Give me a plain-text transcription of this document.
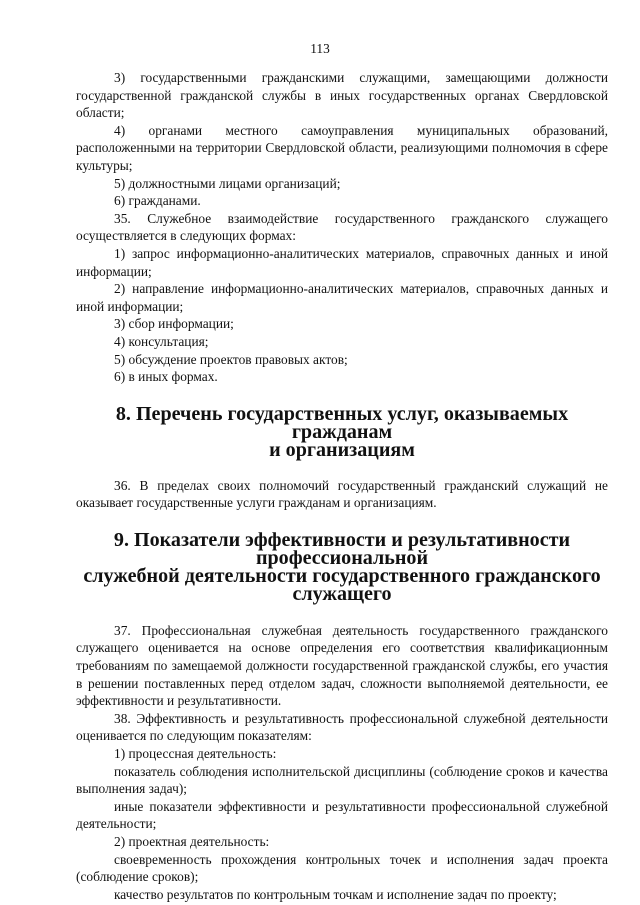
113

3) государственными гражданскими служащими, замещающими должности государственной гражданской службы в иных государственных органах Свердловской области;

4) органами местного самоуправления муниципальных образований, расположенными на территории Свердловской области, реализующими полномочия в сфере культуры;

5) должностными лицами организаций;

6) гражданами.

35. Служебное взаимодействие государственного гражданского служащего осуществляется в следующих формах:

1) запрос информационно-аналитических материалов, справочных данных и иной информации;

2) направление информационно-аналитических материалов, справочных данных и иной информации;

3) сбор информации;

4) консультация;

5) обсуждение проектов правовых актов;

6) в иных формах.

8. Перечень государственных услуг, оказываемых гражданам
и организациям

36. В пределах своих полномочий государственный гражданский служащий не оказывает государственные услуги гражданам и организациям.

9. Показатели эффективности и результативности профессиональной
служебной деятельности государственного гражданского служащего

37. Профессиональная служебная деятельность государственного гражданского служащего оценивается на основе определения его соответствия квалификационным требованиям по замещаемой должности государственной гражданской службы, его участия в решении поставленных перед отделом задач, сложности выполняемой деятельности, ее эффективности и результативности.

38. Эффективность и результативность профессиональной служебной деятельности оценивается по следующим показателям:

1) процессная деятельность:

показатель соблюдения исполнительской дисциплины (соблюдение сроков и качества выполнения задач);

иные показатели эффективности и результативности профессиональной служебной деятельности;

2) проектная деятельность:

своевременность прохождения контрольных точек и исполнения задач проекта (соблюдение сроков);

качество результатов по контрольным точкам и исполнение задач по проекту;
